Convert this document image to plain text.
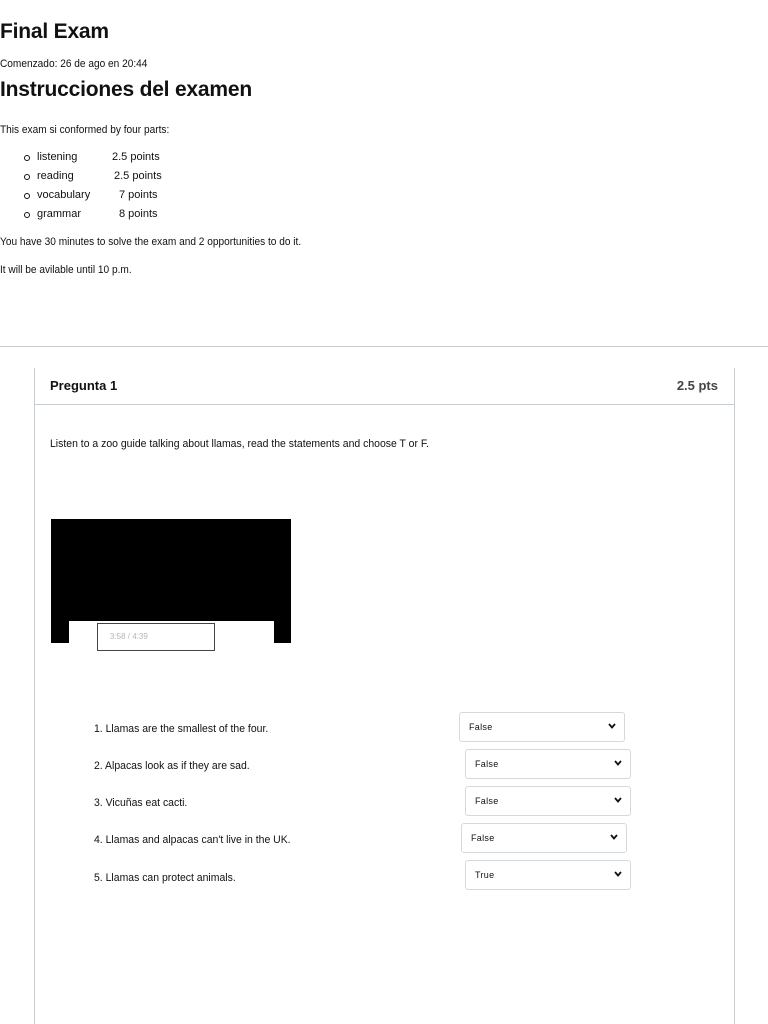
Final Exam
Comenzado: 26 de ago en 20:44
Instrucciones del examen
This exam si conformed by four parts:
listening	2.5 points
reading	2.5 points
vocabulary	7 points
grammar	8 points
You have 30 minutes to solve the exam and 2 opportunities to do it.
It will be avilable until 10 p.m.
Pregunta 1	2.5 pts
Listen to a zoo guide talking about llamas, read the statements and choose T or F.
3:58 / 4:39
1. Llamas are the smallest of the four.	False
2. Alpacas look as if they are sad.	False
3. Vicuñas eat cacti.	False
4. Llamas and alpacas can't live in the UK.	False
5. Llamas can protect animals.	True
